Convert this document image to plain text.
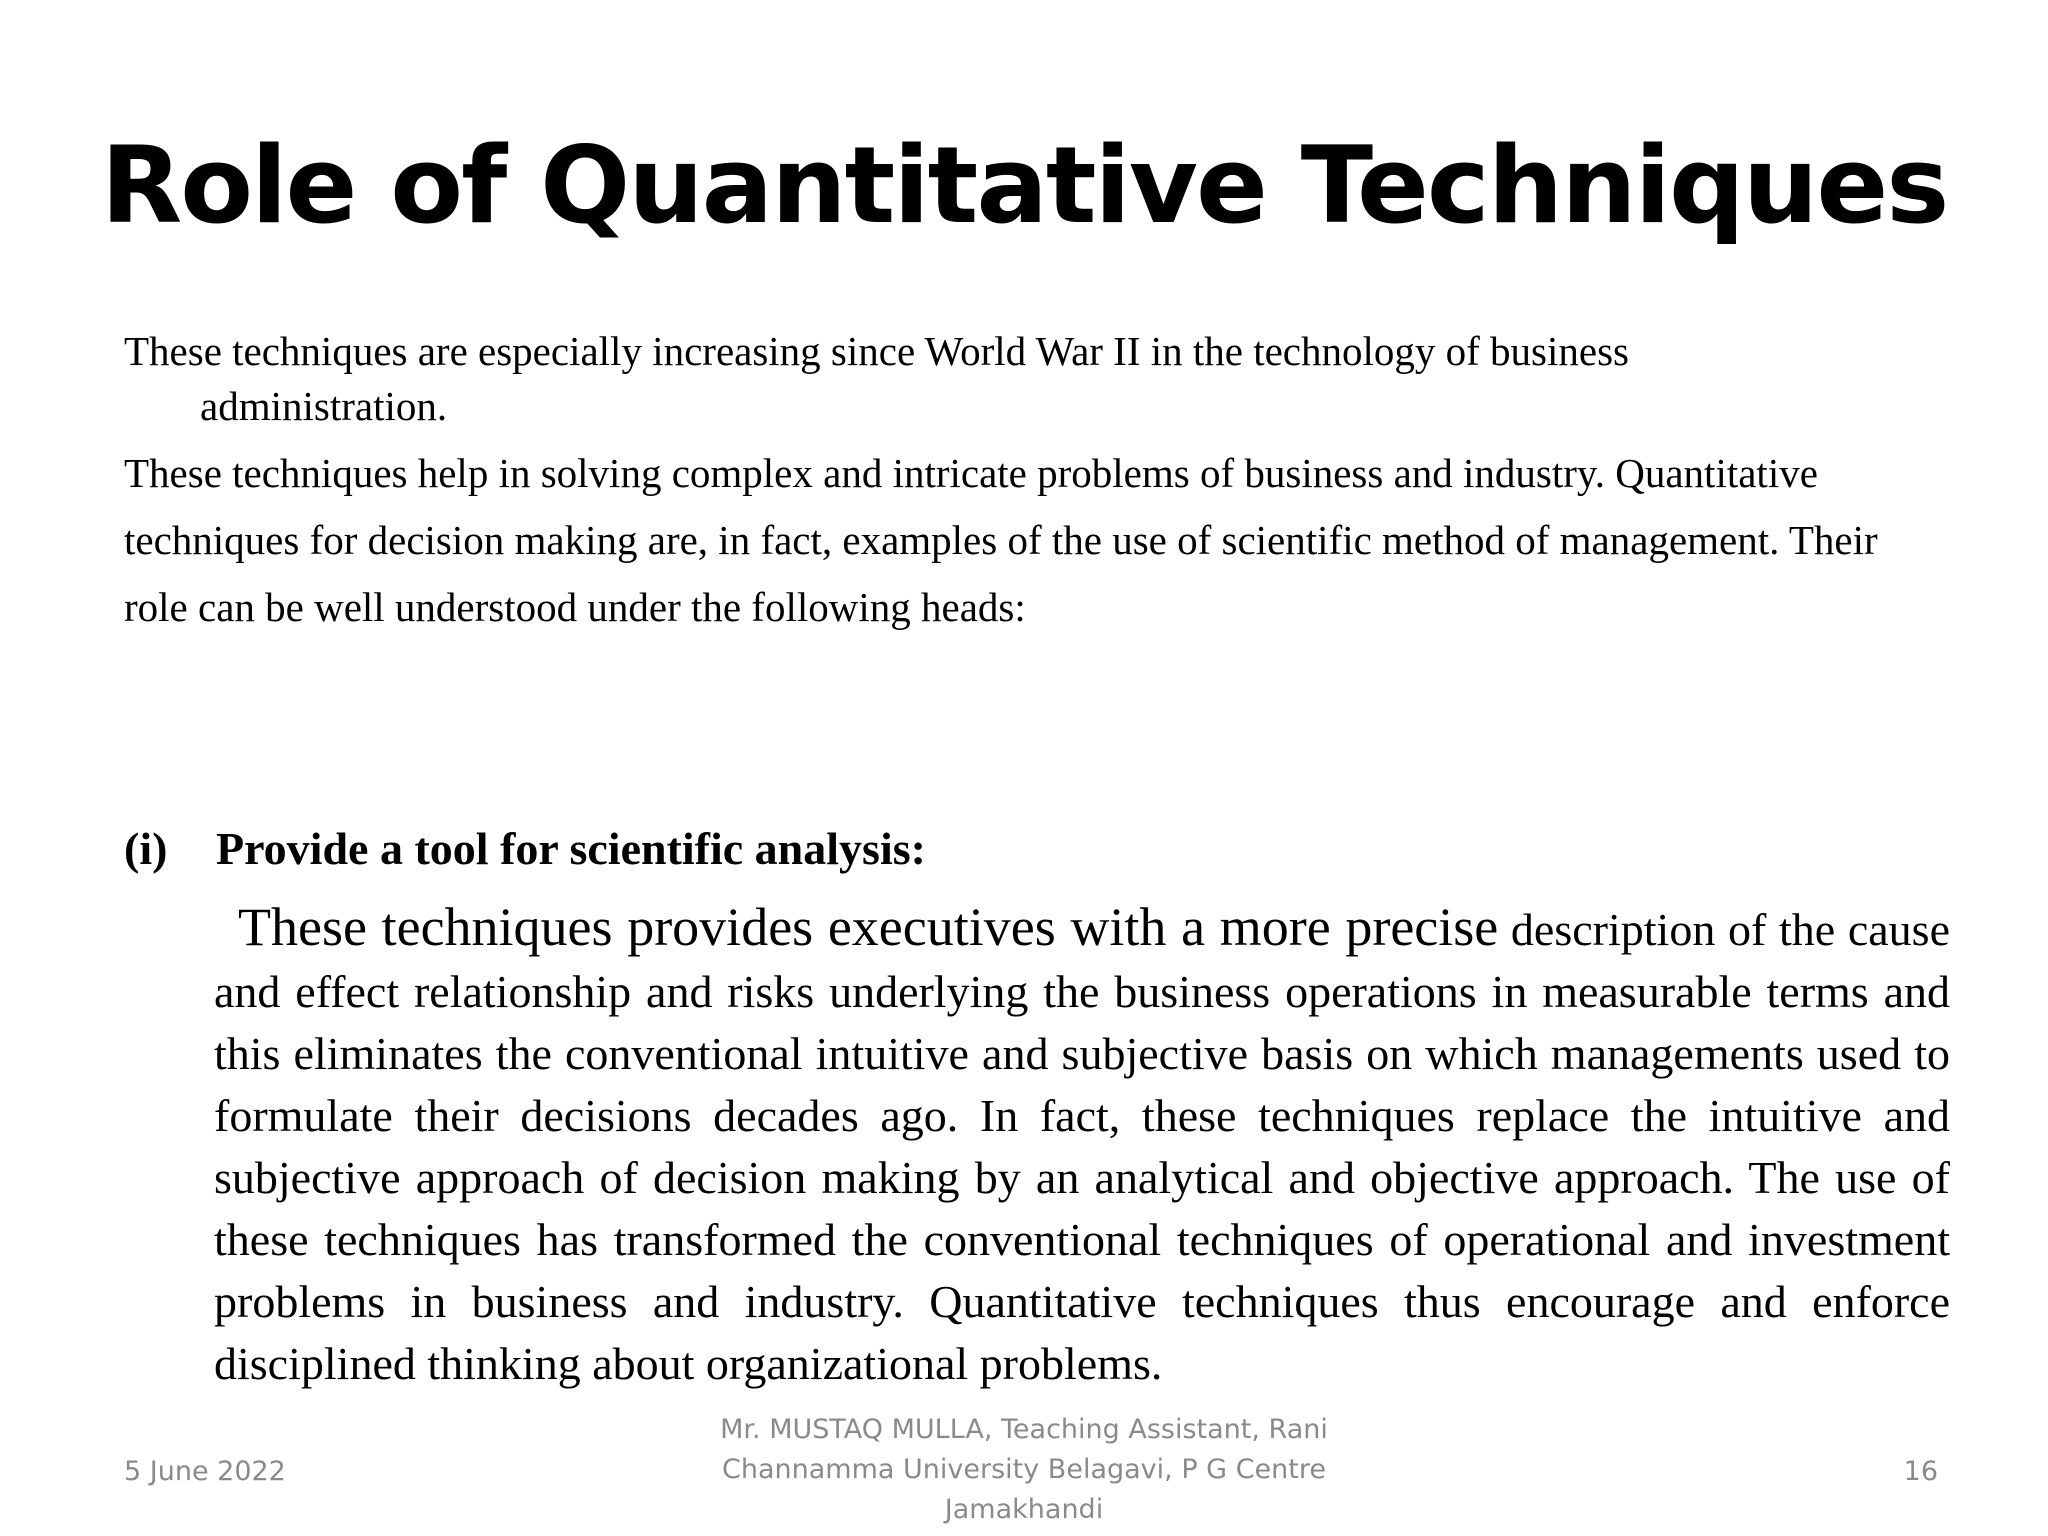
Role of Quantitative Techniques

These techniques are especially increasing since World War II in the technology of business administration.

These techniques help in solving complex and intricate problems of business and industry. Quantitative

techniques for decision making are, in fact, examples of the use of scientific method of management. Their

role can be well understood under the following heads:

(i) Provide a tool for scientific analysis:

These techniques provides executives with a more precise description of the cause and effect relationship and risks underlying the business operations in measurable terms and this eliminates the conventional intuitive and subjective basis on which managements used to formulate their decisions decades ago. In fact, these techniques replace the intuitive and subjective approach of decision making by an analytical and objective approach. The use of these techniques has transformed the conventional techniques of operational and investment problems in business and industry. Quantitative techniques thus encourage and enforce disciplined thinking about organizational problems.

5 June 2022
Mr. MUSTAQ MULLA, Teaching Assistant, Rani Channamma University Belagavi, P G Centre Jamakhandi
16
